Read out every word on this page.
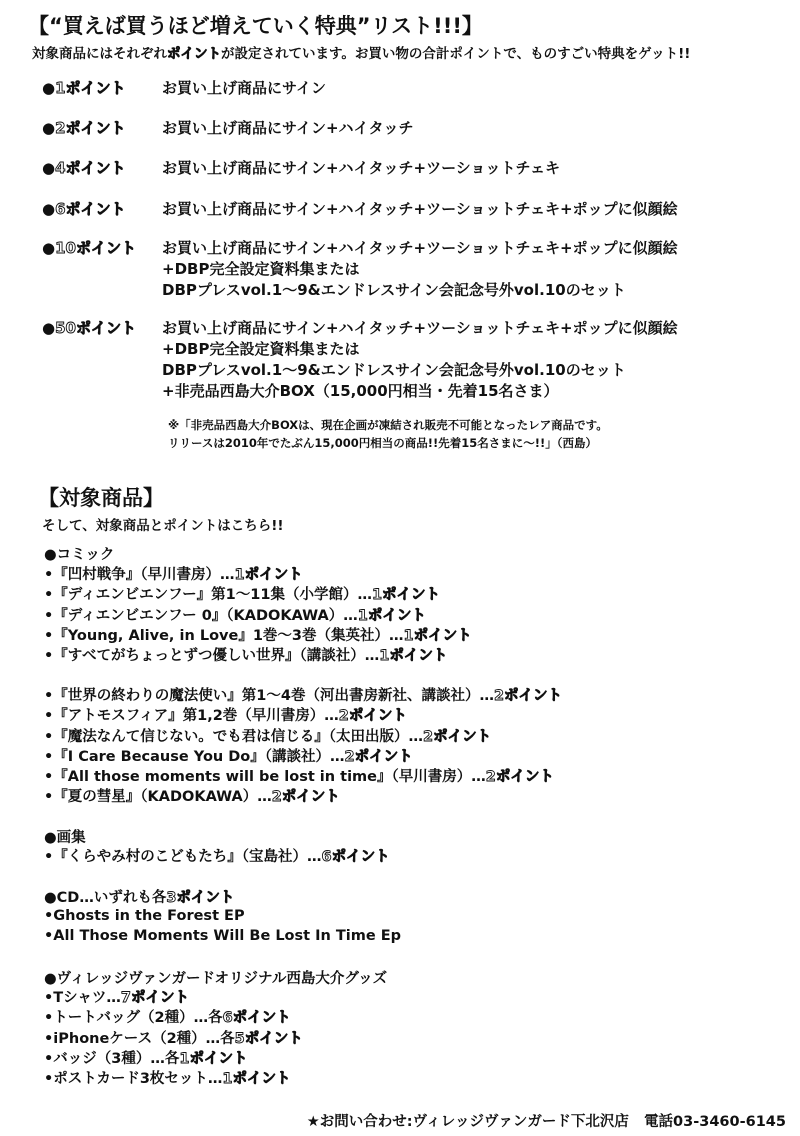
【“買えば買うほど増えていく特典”リスト!!!】
対象商品にはそれぞれポイントが設定されています。お買い物の合計ポイントで、ものすごい特典をゲット!!
●1ポイント お買い上げ商品にサイン
●2ポイント お買い上げ商品にサイン+ハイタッチ
●4ポイント お買い上げ商品にサイン+ハイタッチ+ツーショットチェキ
●6ポイント お買い上げ商品にサイン+ハイタッチ+ツーショットチェキ+ポップに似顔絵
●10ポイント お買い上げ商品にサイン+ハイタッチ+ツーショットチェキ+ポップに似顔絵
+DBP完全設定資料集または
DBPプレスvol.1～9&エンドレスサイン会記念号外vol.10のセット
●50ポイント お買い上げ商品にサイン+ハイタッチ+ツーショットチェキ+ポップに似顔絵
+DBP完全設定資料集または
DBPプレスvol.1～9&エンドレスサイン会記念号外vol.10のセット
+非売品西島大介BOX（15,000円相当・先着15名さま）
※「非売品西島大介BOXは、現在企画が凍結され販売不可能となったレア商品です。
リリースは2010年でたぶん15,000円相当の商品!!先着15名さまに～!!」（西島）
【対象商品】
そして、対象商品とポイントはこちら!!
●コミック
•『凹村戦争』（早川書房）…1ポイント
•『ディエンビエンフー』第1～11集（小学館）…1ポイント
•『ディエンビエンフー 0』（KADOKAWA）…1ポイント
•『Young, Alive, in Love』1巻～3巻（集英社）…1ポイント
•『すべてがちょっとずつ優しい世界』（講談社）…1ポイント
•『世界の終わりの魔法使い』第1～4巻（河出書房新社、講談社）…2ポイント
•『アトモスフィア』第1,2巻（早川書房）…2ポイント
•『魔法なんて信じない。でも君は信じる』（太田出版）…2ポイント
•『I Care Because You Do』（講談社）…2ポイント
•『All those moments will be lost in time』（早川書房）…2ポイント
•『夏の彗星』（KADOKAWA）…2ポイント
●画集
•『くらやみ村のこどもたち』（宝島社）…6ポイント
●CD…いずれも各3ポイント
•Ghosts in the Forest EP
•All Those Moments Will Be Lost In Time Ep
●ヴィレッジヴァンガードオリジナル西島大介グッズ
•Tシャツ…7ポイント
•トートバッグ（2種）…各6ポイント
•iPhoneケース（2種）…各5ポイント
•バッジ（3種）…各1ポイント
•ポストカード3枚セット…1ポイント
★お問い合わせ:ヴィレッジヴァンガード下北沢店 電話03-3460-6145
